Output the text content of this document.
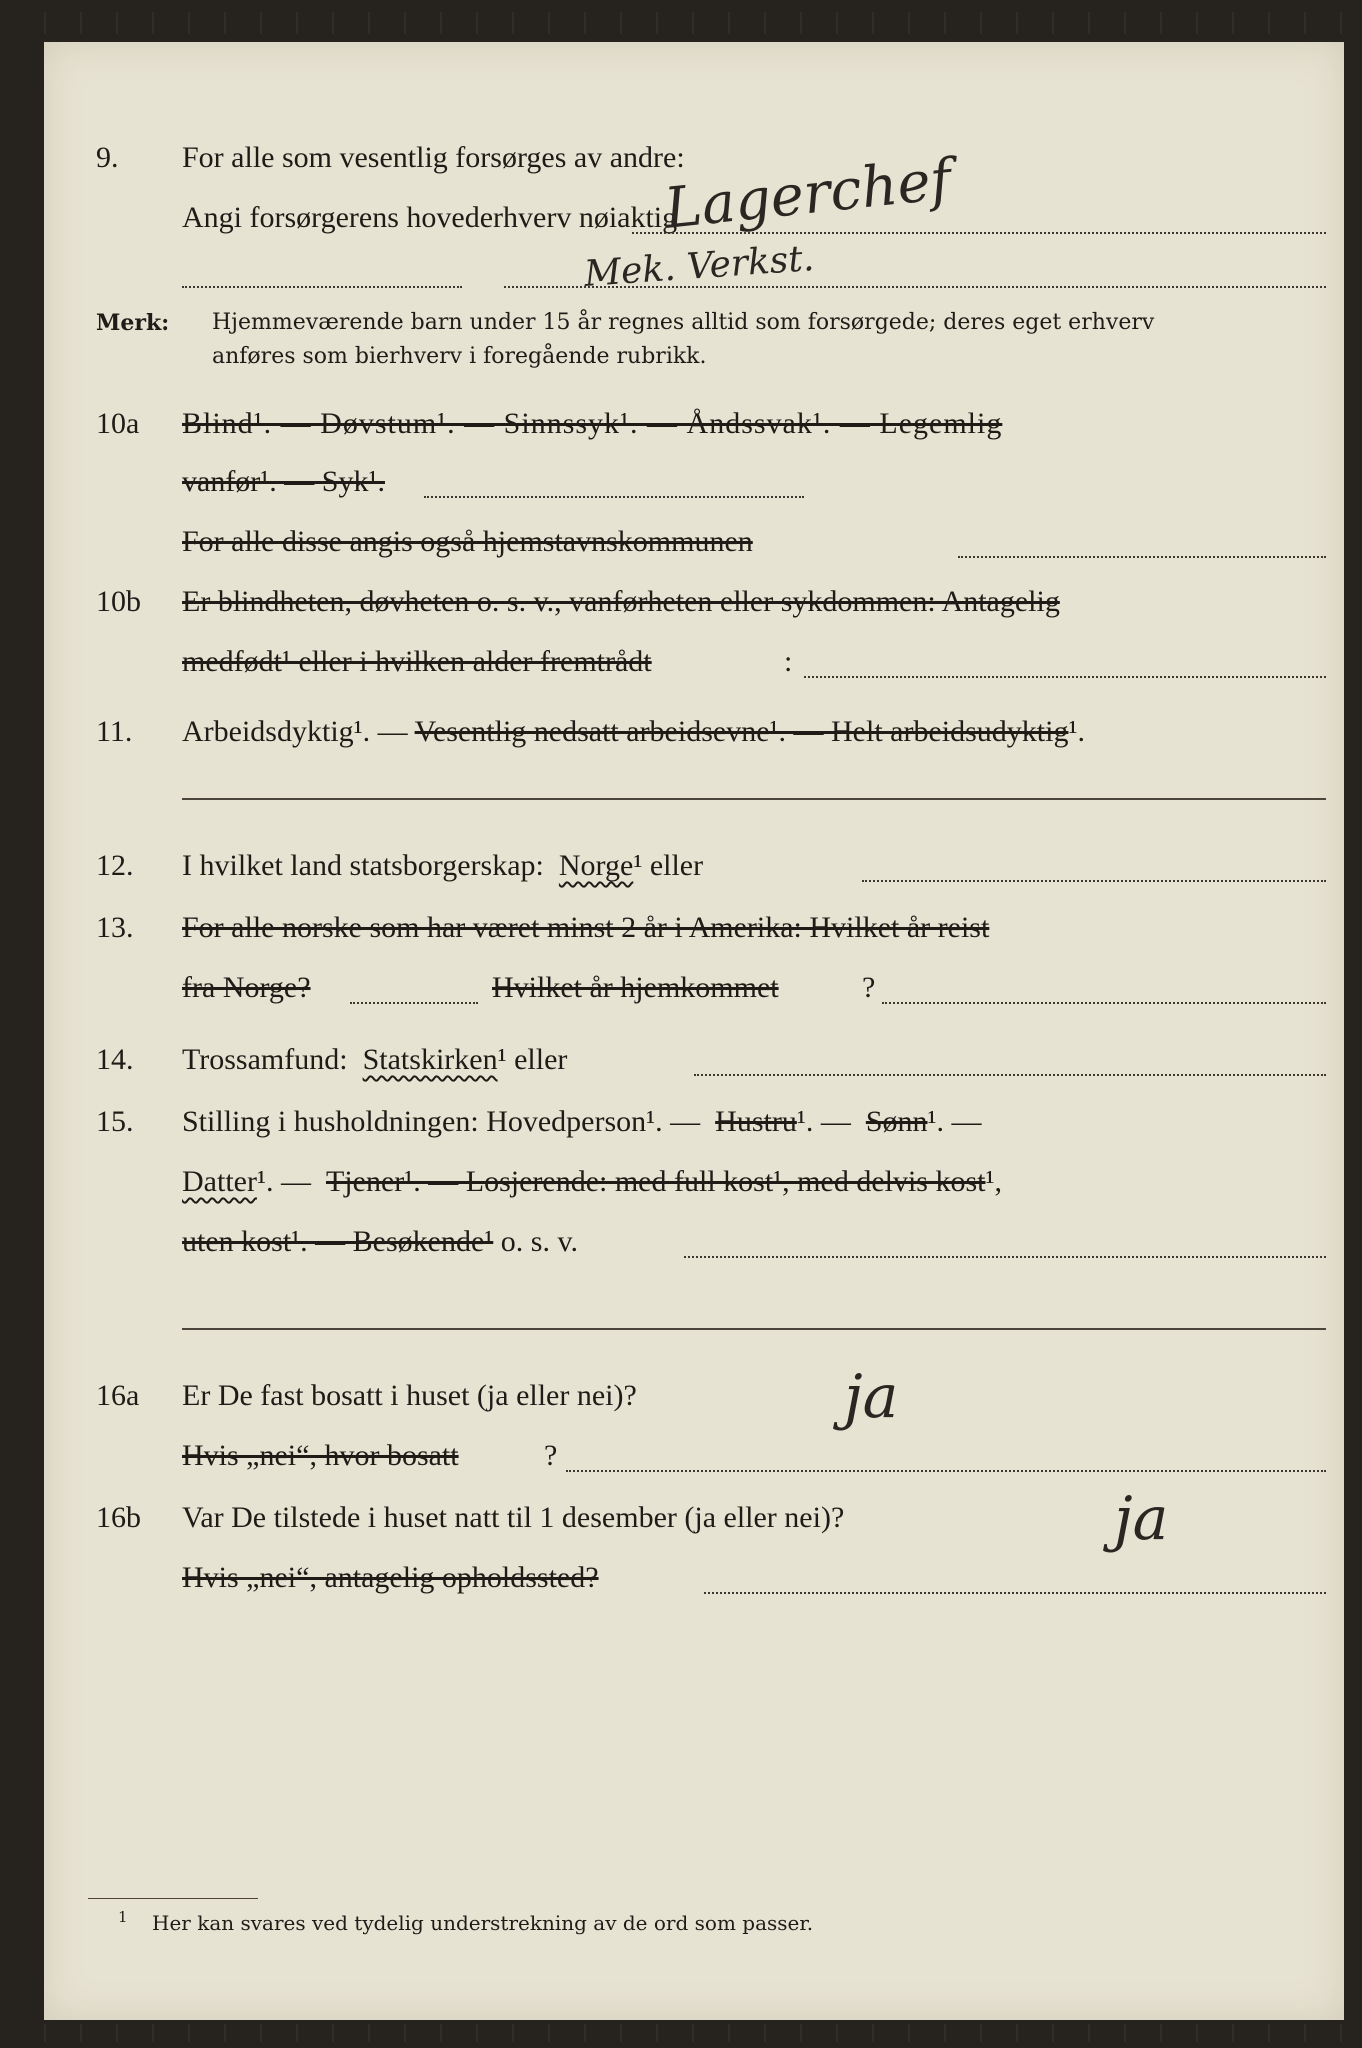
9. For alle som vesentlig forsørges av andre:
Angi forsørgerens hovederhverv nøiaktig
Lagerchef
Mek. Verkst.
Merk: Hjemmeværende barn under 15 år regnes alltid som forsørgede; deres eget erhverv
anføres som bierhverv i foregående rubrikk.
10a Blind¹. — Døvstum¹. — Sinnssyk¹. — Åndssvak¹. — Legemlig
vanfør¹. — Syk¹.
For alle disse angis også hjemstavnskommunen
10b Er blindheten, døvheten o. s. v., vanførheten eller sykdommen: Antagelig
medfødt¹ eller i hvilken alder fremtrådt	:
11. Arbeidsdyktig¹. — Vesentlig nedsatt arbeidsevne¹. — Helt arbeidsudyktig¹.
12. I hvilket land statsborgerskap: Norge¹ eller
13. For alle norske som har været minst 2 år i Amerika: Hvilket år reist
fra Norge?	Hvilket år hjemkommet	?
14. Trossamfund: Statskirken¹ eller
15. Stilling i husholdningen: Hovedperson¹. — Hustru¹. — Sønn¹. —
Datter¹. — Tjener¹. — Losjerende: med full kost¹, med delvis kost¹,
uten kost¹. — Besøkende¹ o. s. v.
16a Er De fast bosatt i huset (ja eller nei)?	ja
Hvis „nei“, hvor bosatt	?
16b Var De tilstede i huset natt til 1 desember (ja eller nei)?	ja
Hvis „nei“, antagelig opholdssted?
1 Her kan svares ved tydelig understrekning av de ord som passer.
